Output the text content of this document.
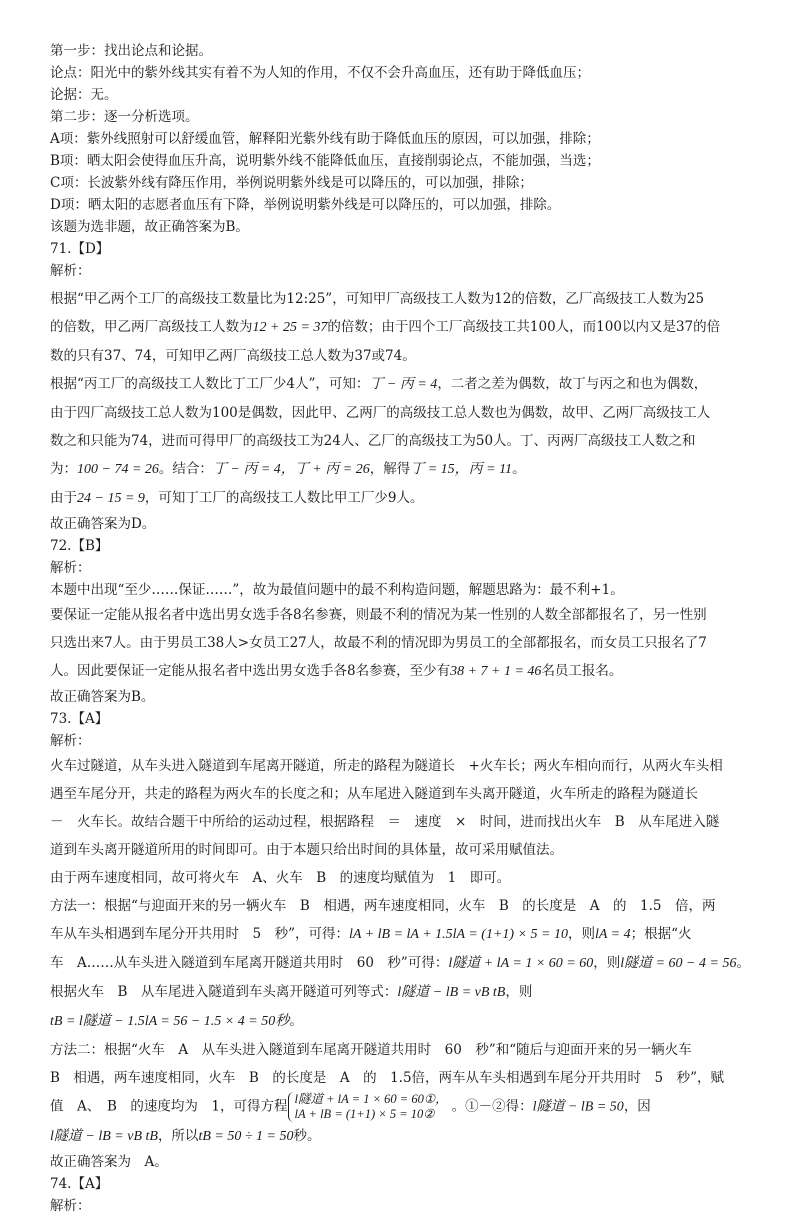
第一步：找出论点和论据。

论点：阳光中的紫外线其实有着不为人知的作用，不仅不会升高血压，还有助于降低血压；

论据：无。

第二步：逐一分析选项。

A项：紫外线照射可以舒缓血管，解释阳光紫外线有助于降低血压的原因，可以加强，排除；

B项：晒太阳会使得血压升高，说明紫外线不能降低血压，直接削弱论点，不能加强，当选；

C项：长波紫外线有降压作用，举例说明紫外线是可以降压的，可以加强，排除；

D项：晒太阳的志愿者血压有下降，举例说明紫外线是可以降压的，可以加强，排除。

该题为选非题，故正确答案为B。

71.【D】

解析：

根据“甲乙两个工厂的高级技工数量比为12:25”，可知甲厂高级技工人数为12的倍数，乙厂高级技工人数为25

的倍数，甲乙两厂高级技工人数为12 + 25 = 37的倍数；由于四个工厂高级技工共100人，而100以内又是37的倍

数的只有37、74，可知甲乙两厂高级技工总人数为37或74。

根据“丙工厂的高级技工人数比丁工厂少4人”，可知：丁 − 丙 = 4，二者之差为偶数，故丁与丙之和也为偶数，

由于四厂高级技工总人数为100是偶数，因此甲、乙两厂的高级技工总人数也为偶数，故甲、乙两厂高级技工人

数之和只能为74，进而可得甲厂的高级技工为24人、乙厂的高级技工为50人。丁、丙两厂高级技工人数之和

为：100 − 74 = 26。结合：丁 − 丙 = 4，丁 + 丙 = 26，解得丁 = 15，丙 = 11。

由于24 − 15 = 9，可知丁工厂的高级技工人数比甲工厂少9人。

故正确答案为D。

72.【B】

解析：

本题中出现“至少……保证……”，故为最值问题中的最不利构造问题，解题思路为：最不利+1。

要保证一定能从报名者中选出男女选手各8名参赛，则最不利的情况为某一性别的人数全部都报名了，另一性别

只选出来7人。由于男员工38人>女员工27人，故最不利的情况即为男员工的全部都报名，而女员工只报名了7

人。因此要保证一定能从报名者中选出男女选手各8名参赛，至少有38 + 7 + 1 = 46名员工报名。

故正确答案为B。

73.【A】

解析：

火车过隧道，从车头进入隧道到车尾离开隧道，所走的路程为隧道长　+火车长；两火车相向而行，从两火车头相

遇至车尾分开，共走的路程为两火车的长度之和；从车尾进入隧道到车头离开隧道，火车所走的路程为隧道长

－　火车长。故结合题干中所给的运动过程，根据路程　＝　速度　×　时间，进而找出火车　B　从车尾进入隧

道到车头离开隧道所用的时间即可。由于本题只给出时间的具体量，故可采用赋值法。

由于两车速度相同，故可将火车　A、火车　B　的速度均赋值为　1　即可。

方法一：根据“与迎面开来的另一辆火车　B　相遇，两车速度相同，火车　B　的长度是　A　的　1.5　倍，两

车从车头相遇到车尾分开共用时　5　秒”，可得：lA + lB = lA + 1.5lA = (1+1) × 5 = 10，则lA = 4；根据“火

车　A……从车头进入隧道到车尾离开隧道共用时　60　秒”可得：l隧道 + lA = 1 × 60 = 60，则l隧道 = 60 − 4 = 56。

根据火车　B　从车尾进入隧道到车头离开隧道可列等式：l隧道 − lB = vB tB，则

tB = l隧道 − 1.5lA = 56 − 1.5 × 4 = 50秒。

方法二：根据“火车　A　从车头进入隧道到车尾离开隧道共用时　60　秒”和“随后与迎面开来的另一辆火车

B　相遇，两车速度相同，火车　B　的长度是　A　的　1.5倍，两车从车头相遇到车尾分开共用时　5　秒”，赋

值　A、　B　的速度均为　1，可得方程 l隧道 + lA = 1 × 60 = 60①，
lA + lB = (1+1) × 5 = 10② 。①－②得：l隧道 − lB = 50，因

l隧道 − lB = vB tB，所以tB = 50 ÷ 1 = 50秒。

故正确答案为　A。

74.【A】

解析：
